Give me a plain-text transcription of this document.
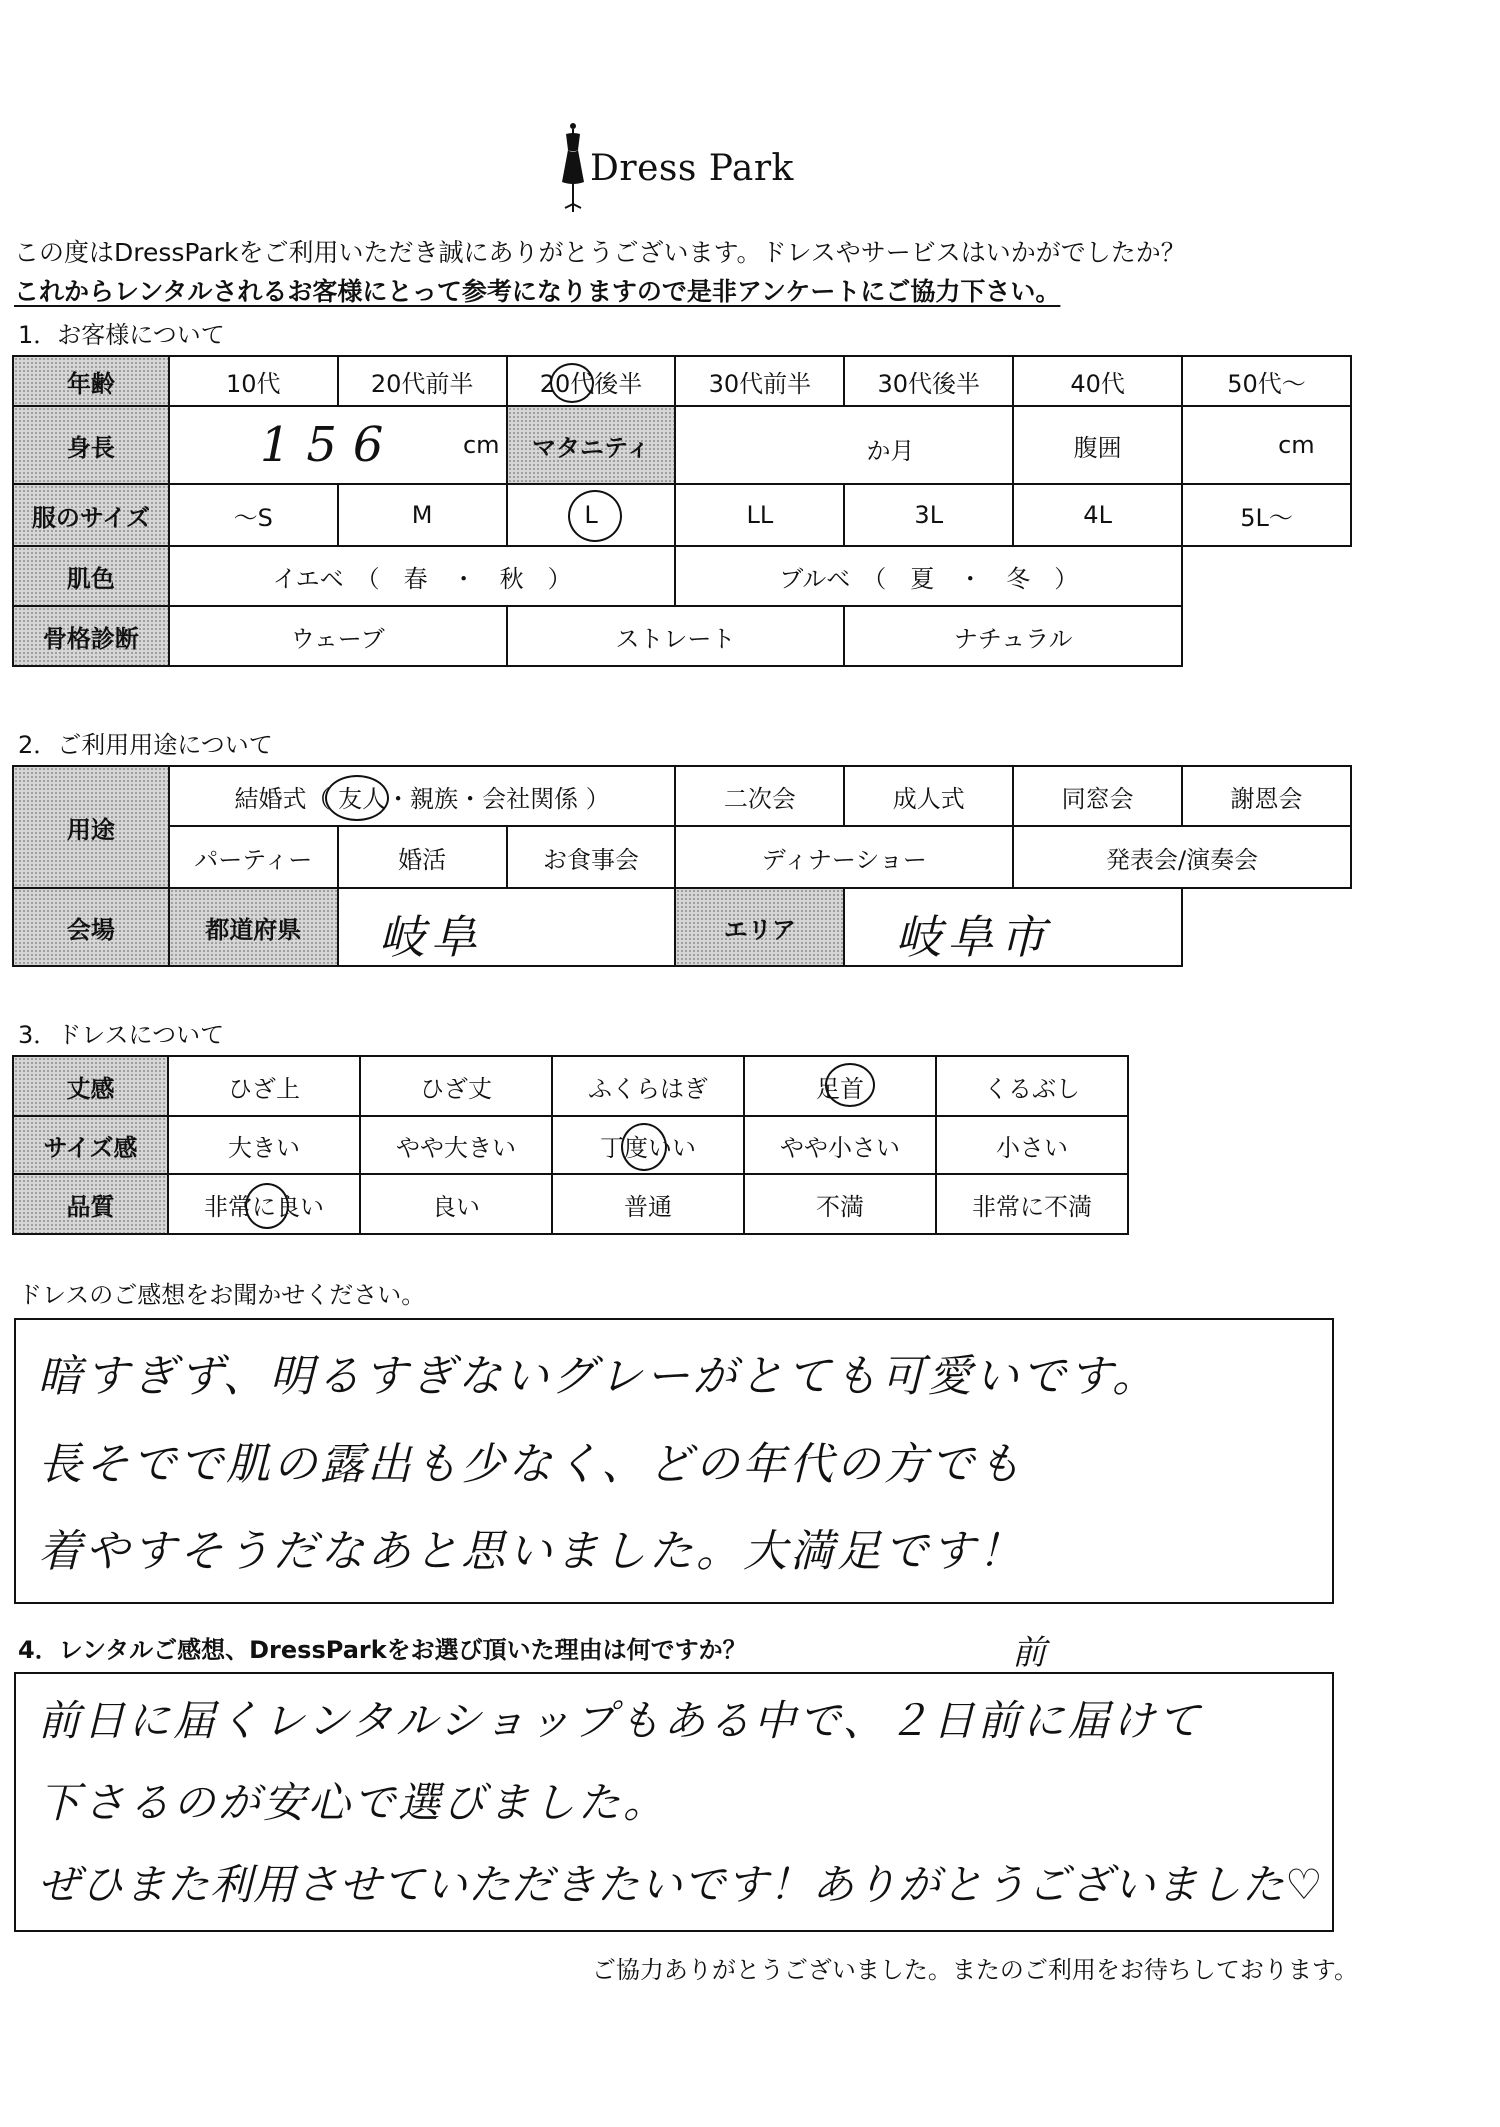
Dress Park
この度はDressParkをご利用いただき誠にありがとうございます。ドレスやサービスはいかがでしたか？
これからレンタルされるお客様にとって参考になりますので是非アンケートにご協力下さい。
1．お客様について
年齢	10代	20代前半	20代後半	30代前半	30代後半	40代	50代～
身長	156 cm		マタニティ	か月		腹囲	cm

服のサイズ	～S	M	L	LL	3L	4L	5L～
肌色	イエベ　（　春　・　秋　）			ブルベ　（　夏　・　冬　）			
骨格診断	ウェーブ		ストレート		ナチュラル		
2．ご利用用途について
用途	結婚式（ 友人・親族・会社関係 ）			二次会	成人式	同窓会	謝恩会
	パーティー	婚活	お食事会	ディナーショー		発表会/演奏会	
会場	都道府県	岐阜		エリア	岐阜市		

3．ドレスについて
丈感	ひざ上	ひざ丈	ふくらはぎ	足首	くるぶし
サイズ感	大きい	やや大きい	丁度いい	やや小さい	小さい
品質	非常に良い	良い	普通	不満	非常に不満
ドレスのご感想をお聞かせください。
暗すぎず、明るすぎないグレーがとても可愛いです。
長そでで肌の露出も少なく、どの年代の方でも
着やすそうだなあと思いました。大満足です！
4．レンタルご感想、DressParkをお選び頂いた理由は何ですか？	前
前日に届くレンタルショップもある中で、２日前に届けて
下さるのが安心で選びました。
ぜひまた利用させていただきたいです！ありがとうございました♡
ご協力ありがとうございました。またのご利用をお待ちしております。
